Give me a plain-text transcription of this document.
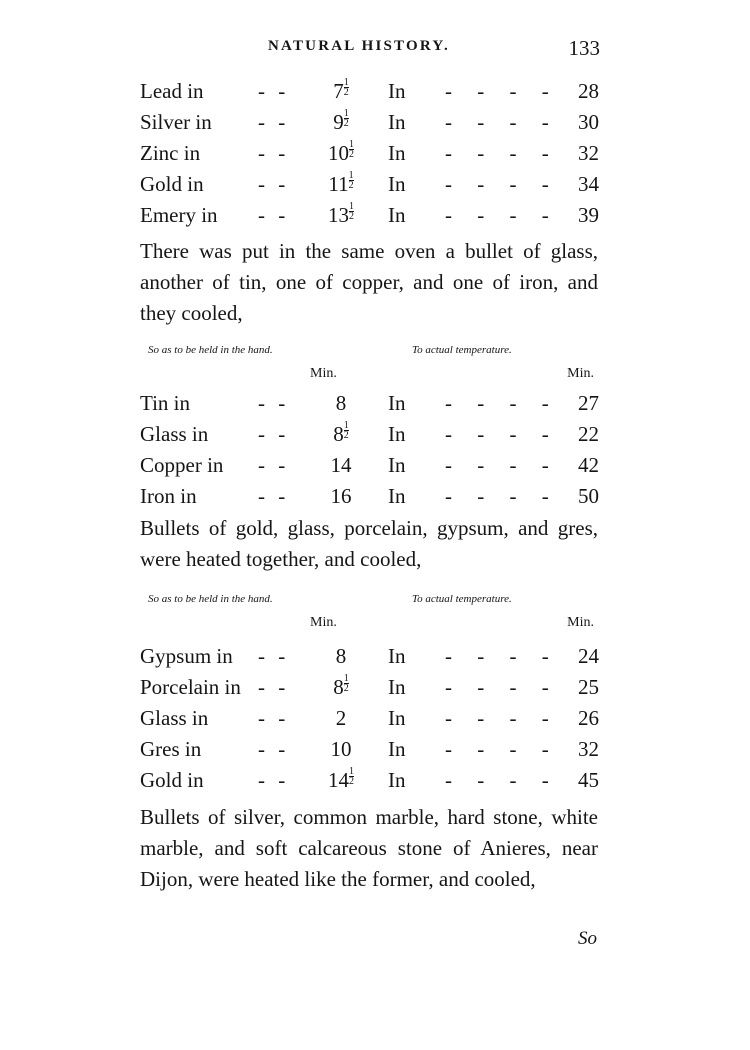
NATURAL HISTORY.	133
Lead in	- -	$7 \frac{1}{2}$ In - - - - 28
Silver in - -	$9 \frac{1}{2}$ In - - - - 30
Zinc in	- -	$10 \frac{1}{2}$ In - - - - 32
Gold in	- -	$11 \frac{1}{2}$ In - - - - 34
Emery in - -	$13 \frac{1}{2}$ In - - - - 39

There was put in the same oven a bullet of glass, another of tin, one of copper, and one of iron, and they cooled,

So as to be held in the hand.	To actual temperature.
Min.	Min.
Tin in	- -	8	In - - - - 27
Glass in - -	$8 \frac{1}{2}$ In - - - - 22
Copper in - -	14	In - - - - 42
Iron in	- -	16	In - - - - 50

Bullets of gold, glass, porcelain, gypsum, and gres, were heated together, and cooled,

So as to be held in the hand.	To actual temperature.
Min.	Min.
Gypsum in - -	8	In - - - - 24
Porcelain in - -	$8 \frac{1}{2}$ In - - - - 25
Glass in - -	2	In - - - - 26
Gres in	- -	10	In - - - - 32
Gold in	- -	$14 \frac{1}{2}$ In - - - - 45

Bullets of silver, common marble, hard stone, white marble, and soft calcareous stone of Anieres, near Dijon, were heated like the former, and cooled,

So
